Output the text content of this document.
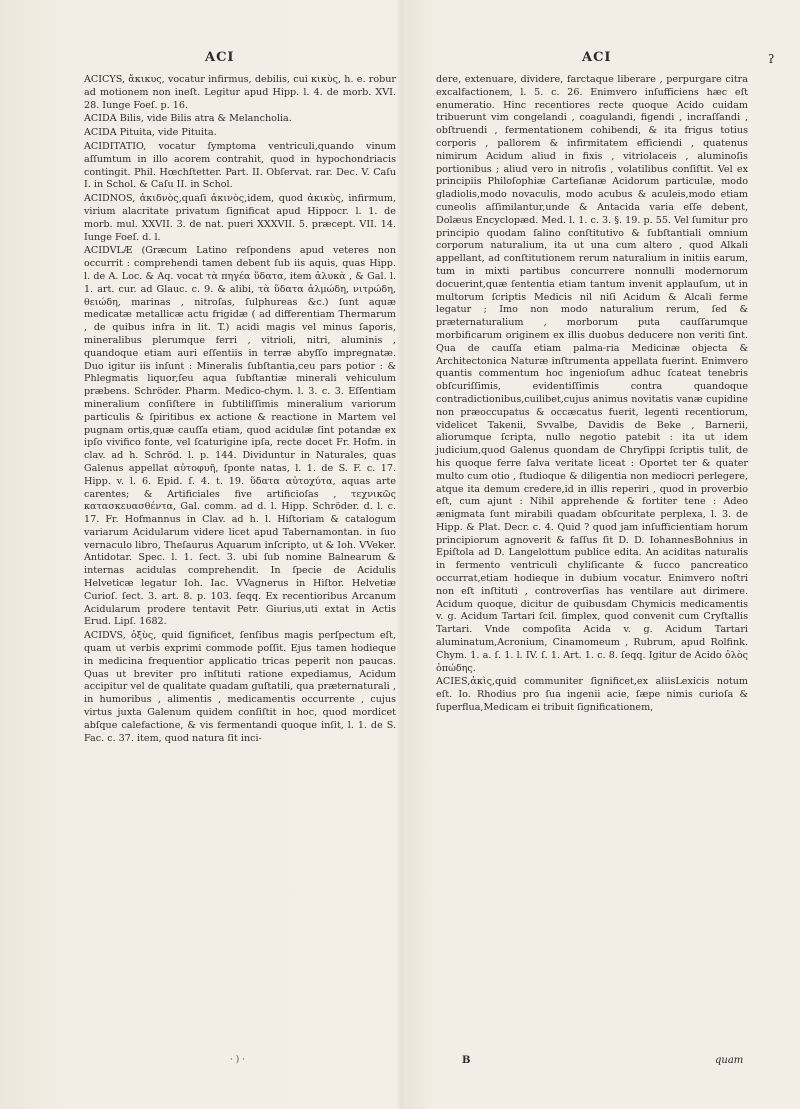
ACI	ACI	ʔ

ACICYS, ἄκικυς, vocatur infirmus, debilis, cui κικὺς, h. e. robur ad motionem non ineſt. Legitur apud Hipp. l. 4. de morb. XVI. 28. Iunge Foeſ. p. 16.

ACIDA Bilis, vide Bilis atra & Melancholia.

ACIDA Pituita, vide Pituita.

ACIDITATIO, vocatur ſymptoma ventriculi,quando vinum aſſumtum in illo acorem contrahit, quod in hypochondriacis contingit. Phil. Hœchſtetter. Part. II. Obſervat. rar. Dec. V. Caſu I. in Schol. & Caſu II. in Schol.

ACIDNOS, ἀκιδνὸς,quaſi ἀκινὸς,idem, quod ἀκικὺς, infirmum, virium alacritate privatum ſignificat apud Hippocr. l. 1. de morb. mul. XXVII. 3. de nat. pueri XXXVII. 5. præcept. VII. 14. Iunge Foeſ. d. l.

ACIDVLÆ (Græcum Latino reſpondens apud veteres non occurrit : comprehendi tamen debent ſub iis aquis, quas Hipp. l. de A. Loc. & Aq. vocat τὰ πηγέα ὕδατα, item ἀλυκὰ , & Gal. l. 1. art. cur. ad Glauc. c. 9. & alibi, τὰ ὕδατα ἁλμώδη, νιτρώδη, θειώδη, marinas , nitroſas, ſulphureas &c.) ſunt aquæ medicatæ metallicæ actu frigidæ ( ad differentiam Thermarum , de quibus infra in lit. T.) acidi magis vel minus ſaporis, mineralibus plerumque ferri , vitrioli, nitri, aluminis , quandoque etiam auri eſſentiis in terræ abyſſo impregnatæ. Duo igitur iis inſunt : Mineralis ſubſtantia,ceu pars potior : & Phlegmatis liquor,ſeu aqua ſubſtantiæ minerali vehiculum præbens. Schröder. Pharm. Medico-chym. l. 3. c. 3. Eſſentiam mineralium conſiſtere in ſubtiliſſimis mineralium variorum particulis & ſpiritibus ex actione & reactione in Martem vel pugnam ortis,quæ cauſſa etiam, quod acidulæ ſint potandæ ex ipſo vivifico fonte, vel ſcaturigine ipſa, recte docet Fr. Hofm. in clav. ad h. Schröd. l. p. 144. Dividuntur in Naturales, quas Galenus appellat αὐτοφυῆ, ſponte natas, l. 1. de S. F. c. 17. Hipp. v. l. 6. Epid. ſ. 4. t. 19. ὕδατα αὐτοχύτα, aquas arte carentes; & Artificiales five artificioſas , τεχνικῶς κατασκευασθέντα, Gal. comm. ad d. l. Hipp. Schröder. d. l. c. 17. Fr. Hofmannus in Clav. ad h. l. Hiſtoriam & catalogum variarum Acidularum videre licet apud Tabernamontan. in ſuo vernaculo libro, Theſaurus Aquarum inſcripto, ut & Ioh. VVeker. Antidotar. Spec. l. 1. ſect. 3. ubi ſub nomine Balnearum & internas acidulas comprehendit. In ſpecie de Acidulis Helveticæ legatur Ioh. Iac. VVagnerus in Hiſtor. Helvetiæ Curioſ. ſect. 3. art. 8. p. 103. ſeqq. Ex recentioribus Arcanum Acidularum prodere tentavit Petr. Giurius,uti extat in Actis Erud. Lipſ. 1682.

ACIDVS, ὀξὺς, quid ſignificet, ſenſibus magis perſpectum eſt, quam ut verbis exprimi commode poſſit. Ejus tamen hodieque in medicina frequentior applicatio tricas peperit non paucas. Quas ut breviter pro inſtituti ratione expediamus, Acidum accipitur vel de qualitate quadam guſtatili, qua præternaturali , in humoribus , alimentis , medicamentis occurrente , cujus virtus juxta Galenum quidem conſiſtit in hoc, quod mordicet abſque calefactione, & vis fermentandi quoque inſit, l. 1. de S. Fac. c. 37. item, quod natura ſit inci-

dere, extenuare, dividere, farctaque liberare , perpurgare citra excalfactionem, l. 5. c. 26. Enimvero inſufficiens hæc eſt enumeratio. Hinc recentiores recte quoque Acido cuidam tribuerunt vim congelandi , coagulandi, figendi , incraſſandi , obſtruendi , fermentationem cohibendi, & ita frigus totius corporis , pallorem & infirmitatem efficiendi , quatenus nimirum Acidum aliud in fixis , vitriolaceis , aluminoſis portionibus ; aliud vero in nitroſis , volatilibus conſiſtit. Vel ex principiis Philoſophiæ Carteſianæ Acidorum particulæ, modo gladiolis,modo novaculis, modo acubus & aculeis,modo etiam cuneolis aſſimilantur,unde & Antacida varia eſſe debent, Dolæus Encyclopæd. Med. l. 1. c. 3. §. 19. p. 55. Vel ſumitur pro principio quodam ſalino conſtitutivo & ſubſtantiali omnium corporum naturalium, ita ut una cum altero , quod Alkali appellant, ad conſtitutionem rerum naturalium in initiis earum, tum in mixti partibus concurrere nonnulli modernorum docuerint,quæ ſententia etiam tantum invenit applauſum, ut in multorum ſcriptis Medicis nil niſi Acidum & Alcali ferme legatur ; Imo non modo naturalium rerum, ſed & præternaturalium , morborum puta cauſſarumque morbificarum originem ex illis duobus deducere non veriti ſint. Qua de cauſſa etiam palma-ria Medicinæ objecta & Architectonica Naturæ inſtrumenta appellata fuerint. Enimvero quantis commentum hoc ingenioſum adhuc ſcateat tenebris obſcuriſſimis, evidentiſſimis contra quandoque contradictionibus,cuilibet,cujus animus novitatis vanæ cupidine non præoccupatus & occæcatus fuerit, legenti recentiorum, videlicet Takenii, Svvalbe, Davidis de Beke , Barnerii, aliorumque ſcripta, nullo negotio patebit : ita ut idem judicium,quod Galenus quondam de Chryſippi ſcriptis tulit, de his quoque ferre ſalva veritate liceat : Oportet ter & quater multo cum otio , ſtudioque & diligentia non mediocri perlegere, atque ita demum credere,id in illis reperiri , quod in proverbio eſt, cum ajunt : Nihil apprehende & fortiter tene : Adeo ænigmata ſunt mirabili quadam obſcuritate perplexa, l. 3. de Hipp. & Plat. Decr. c. 4. Quid ? quod jam inſufficientiam horum principiorum agnoverit & faſſus ſit D. D. IohannesBohnius in Epiſtola ad D. Langelottum publice edita. An aciditas naturalis in fermento ventriculi chyliſicante & ſucco pancreatico occurrat,etiam hodieque in dubium vocatur. Enimvero noſtri non eſt inſtituti , controverſias has ventilare aut dirimere. Acidum quoque, dicitur de quibusdam Chymicis medicamentis v. g. Acidum Tartari ſcil. ſimplex, quod convenit cum Cryſtallis Tartari. Vnde compoſita Acida v. g. Acidum Tartari aluminatum,Acronium, Cinamomeum , Rubrum, apud Rolfink. Chym. 1. a. ſ. 1. l. IV. ſ. 1. Art. 1. c. 8. ſeqq. Igitur de Acido ὀλὸς ὀπώδης.

ACIES,ἀκὶς,quid communiter ſignificet,ex aliisLexicis notum eſt. Io. Rhodius pro ſua ingenii acie, ſæpe nimis curioſa & ſuperflua,Medicam ei tribuit ſignificationem,

· ) ·	B	quam
